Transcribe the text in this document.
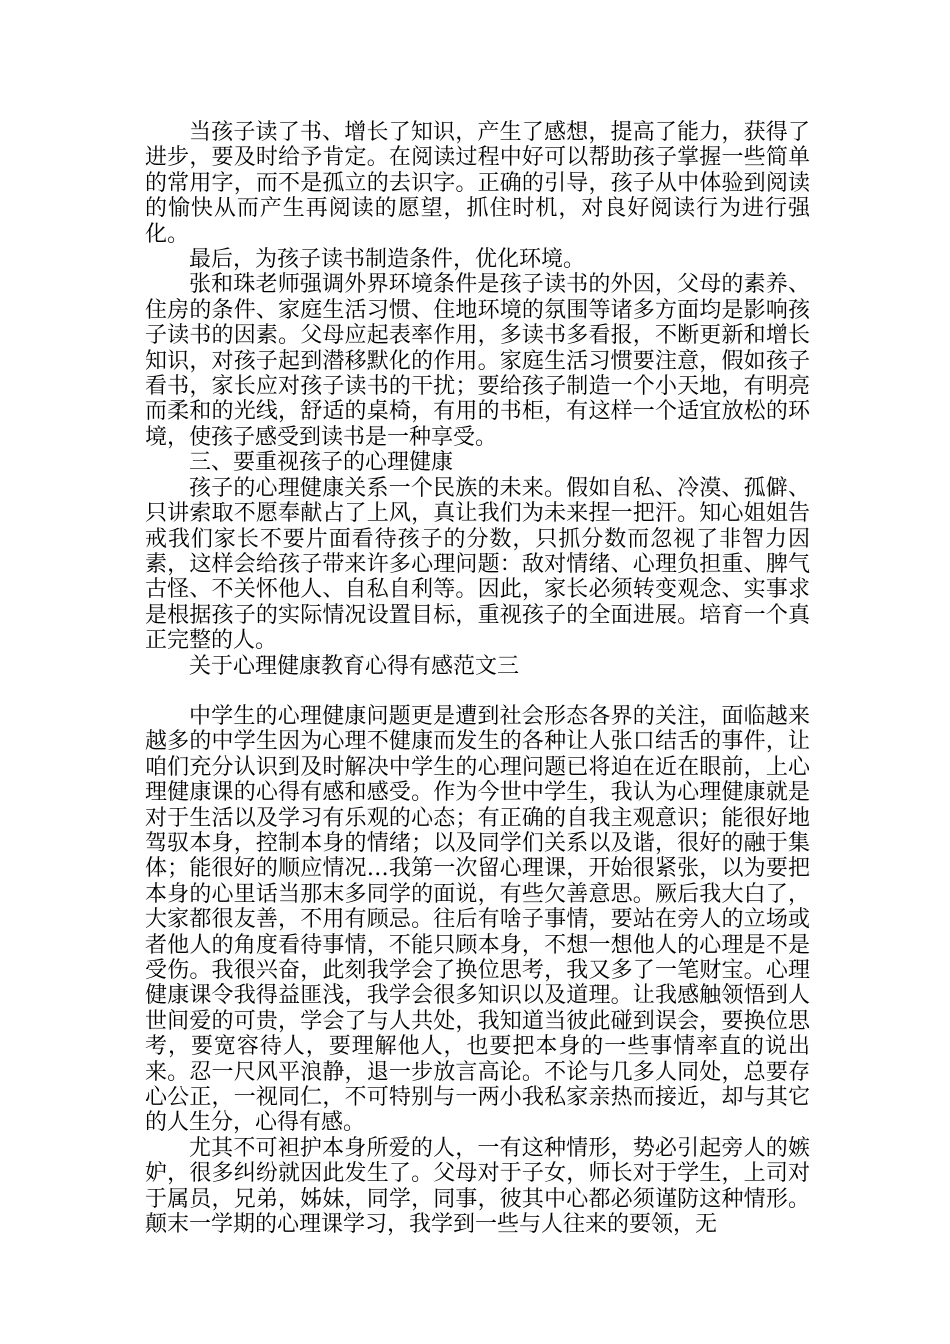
当孩子读了书、增长了知识，产生了感想，提高了能力，获得了进步，要及时给予肯定。在阅读过程中好可以帮助孩子掌握一些简单的常用字，而不是孤立的去识字。正确的引导，孩子从中体验到阅读的愉快从而产生再阅读的愿望，抓住时机，对良好阅读行为进行强化。

最后，为孩子读书制造条件，优化环境。

张和珠老师强调外界环境条件是孩子读书的外因，父母的素养、住房的条件、家庭生活习惯、住地环境的氛围等诸多方面均是影响孩子读书的因素。父母应起表率作用，多读书多看报，不断更新和增长知识，对孩子起到潜移默化的作用。家庭生活习惯要注意，假如孩子看书，家长应对孩子读书的干扰；要给孩子制造一个小天地，有明亮而柔和的光线，舒适的桌椅，有用的书柜，有这样一个适宜放松的环境，使孩子感受到读书是一种享受。

三、要重视孩子的心理健康

孩子的心理健康关系一个民族的未来。假如自私、冷漠、孤僻、只讲索取不愿奉献占了上风，真让我们为未来捏一把汗。知心姐姐告戒我们家长不要片面看待孩子的分数，只抓分数而忽视了非智力因素，这样会给孩子带来许多心理问题：敌对情绪、心理负担重、脾气古怪、不关怀他人、自私自利等。因此，家长必须转变观念、实事求是根据孩子的实际情况设置目标，重视孩子的全面进展。培育一个真正完整的人。

关于心理健康教育心得有感范文三

中学生的心理健康问题更是遭到社会形态各界的关注，面临越来越多的中学生因为心理不健康而发生的各种让人张口结舌的事件，让咱们充分认识到及时解决中学生的心理问题已将迫在近在眼前，上心理健康课的心得有感和感受。作为今世中学生，我认为心理健康就是对于生活以及学习有乐观的心态；有正确的自我主观意识；能很好地驾驭本身，控制本身的情绪；以及同学们关系以及谐，很好的融于集体；能很好的顺应情况…我第一次留心理课，开始很紧张，以为要把本身的心里话当那末多同学的面说，有些欠善意思。厥后我大白了，大家都很友善，不用有顾忌。往后有啥子事情，要站在旁人的立场或者他人的角度看待事情，不能只顾本身，不想一想他人的心理是不是受伤。我很兴奋，此刻我学会了换位思考，我又多了一笔财宝。心理健康课令我得益匪浅，我学会很多知识以及道理。让我感触领悟到人世间爱的可贵，学会了与人共处，我知道当彼此碰到误会，要换位思考，要宽容待人，要理解他人，也要把本身的一些事情率直的说出来。忍一尺风平浪静，退一步放言高论。不论与几多人同处，总要存心公正，一视同仁，不可特别与一两小我私家亲热而接近，却与其它的人生分，心得有感。

尤其不可袒护本身所爱的人，一有这种情形，势必引起旁人的嫉妒，很多纠纷就因此发生了。父母对于子女，师长对于学生，上司对于属员，兄弟，姊妹，同学，同事，彼其中心都必须谨防这种情形。颠末一学期的心理课学习，我学到一些与人往来的要领，无
